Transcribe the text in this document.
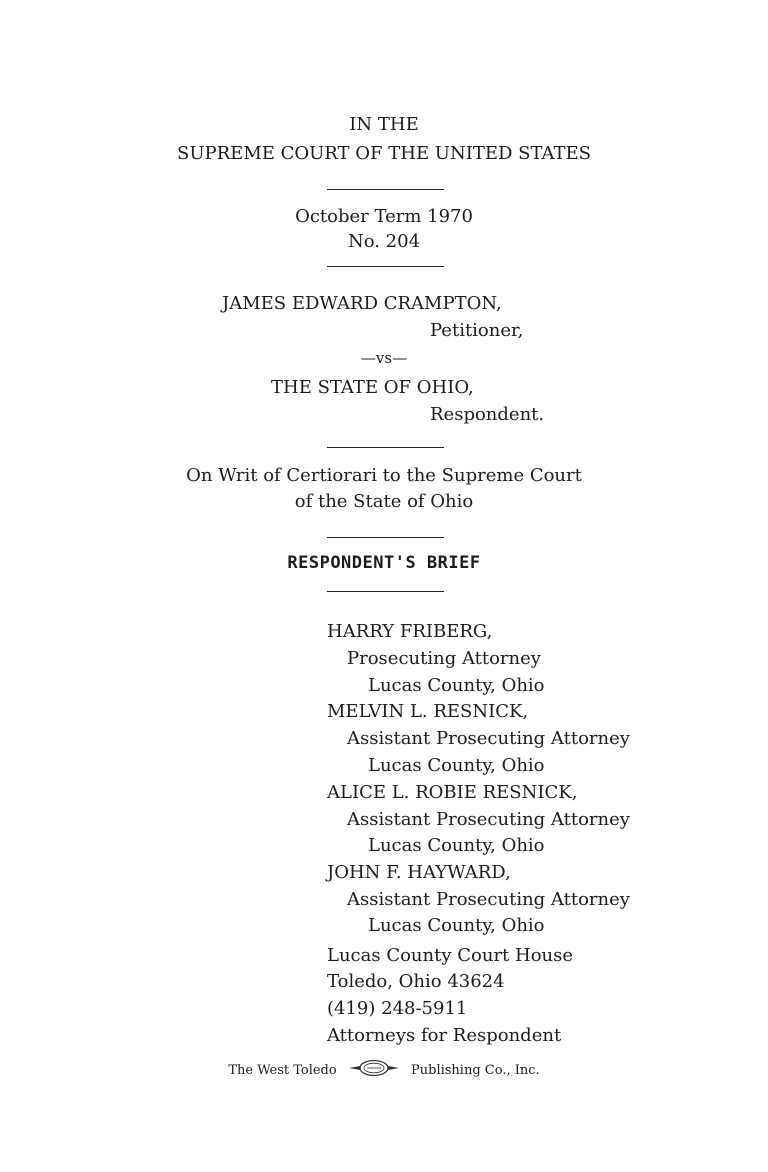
IN THE
SUPREME COURT OF THE UNITED STATES
October Term 1970
No. 204
JAMES EDWARD CRAMPTON,
Petitioner,
—vs—
THE STATE OF OHIO,
Respondent.
On Writ of Certiorari to the Supreme Court
of the State of Ohio
RESPONDENT'S BRIEF
HARRY FRIBERG,
Prosecuting Attorney
Lucas County, Ohio
MELVIN L. RESNICK,
Assistant Prosecuting Attorney
Lucas County, Ohio
ALICE L. ROBIE RESNICK,
Assistant Prosecuting Attorney
Lucas County, Ohio
JOHN F. HAYWARD,
Assistant Prosecuting Attorney
Lucas County, Ohio
Lucas County Court House
Toledo, Ohio 43624
(419) 248-5911
Attorneys for Respondent
The West Toledo	Publishing Co., Inc.
